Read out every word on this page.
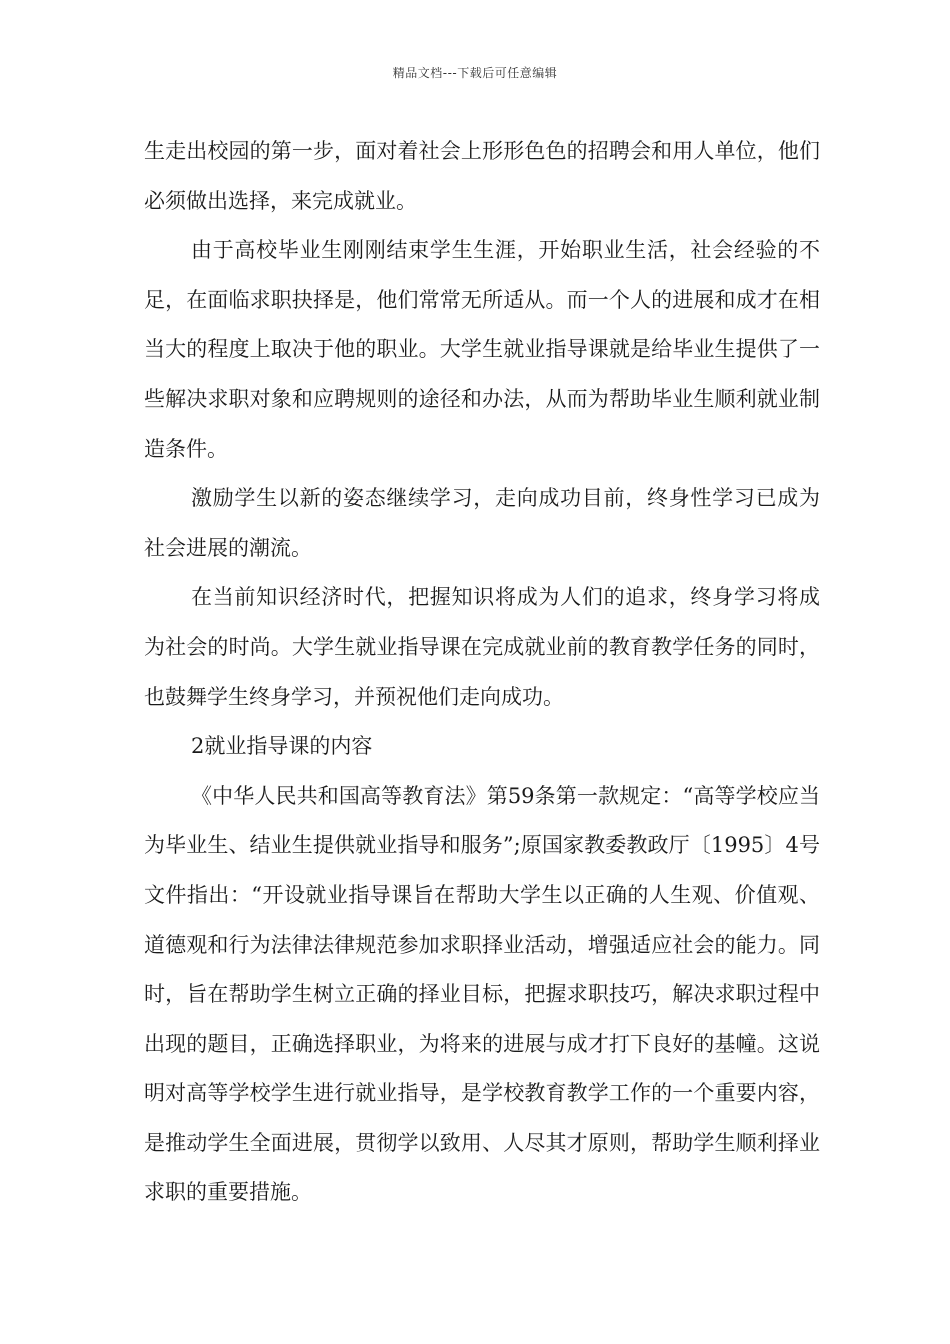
精品文档---下载后可任意编辑

生走出校园的第一步，面对着社会上形形色色的招聘会和用人单位，他们必须做出选择，来完成就业。

由于高校毕业生刚刚结束学生生涯，开始职业生活，社会经验的不足，在面临求职抉择是，他们常常无所适从。而一个人的进展和成才在相当大的程度上取决于他的职业。大学生就业指导课就是给毕业生提供了一些解决求职对象和应聘规则的途径和办法，从而为帮助毕业生顺利就业制造条件。

激励学生以新的姿态继续学习，走向成功目前，终身性学习已成为社会进展的潮流。

在当前知识经济时代，把握知识将成为人们的追求，终身学习将成为社会的时尚。大学生就业指导课在完成就业前的教育教学任务的同时，也鼓舞学生终身学习，并预祝他们走向成功。

2就业指导课的内容

《中华人民共和国高等教育法》第59条第一款规定：“高等学校应当为毕业生、结业生提供就业指导和服务”;原国家教委教政厅〔1995〕4号文件指出：“开设就业指导课旨在帮助大学生以正确的人生观、价值观、道德观和行为法律法律规范参加求职择业活动，增强适应社会的能力。同时，旨在帮助学生树立正确的择业目标，把握求职技巧，解决求职过程中出现的题目，正确选择职业，为将来的进展与成才打下良好的基幢。这说明对高等学校学生进行就业指导，是学校教育教学工作的一个重要内容，是推动学生全面进展，贯彻学以致用、人尽其才原则，帮助学生顺利择业求职的重要措施。
